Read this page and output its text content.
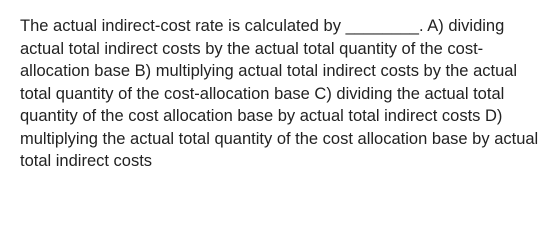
The actual indirect-cost rate is calculated by ________. A) dividing actual total indirect costs by the actual total quantity of the cost-allocation base B) multiplying actual total indirect costs by the actual total quantity of the cost-allocation base C) dividing the actual total quantity of the cost allocation base by actual total indirect costs D) multiplying the actual total quantity of the cost allocation base by actual total indirect costs
